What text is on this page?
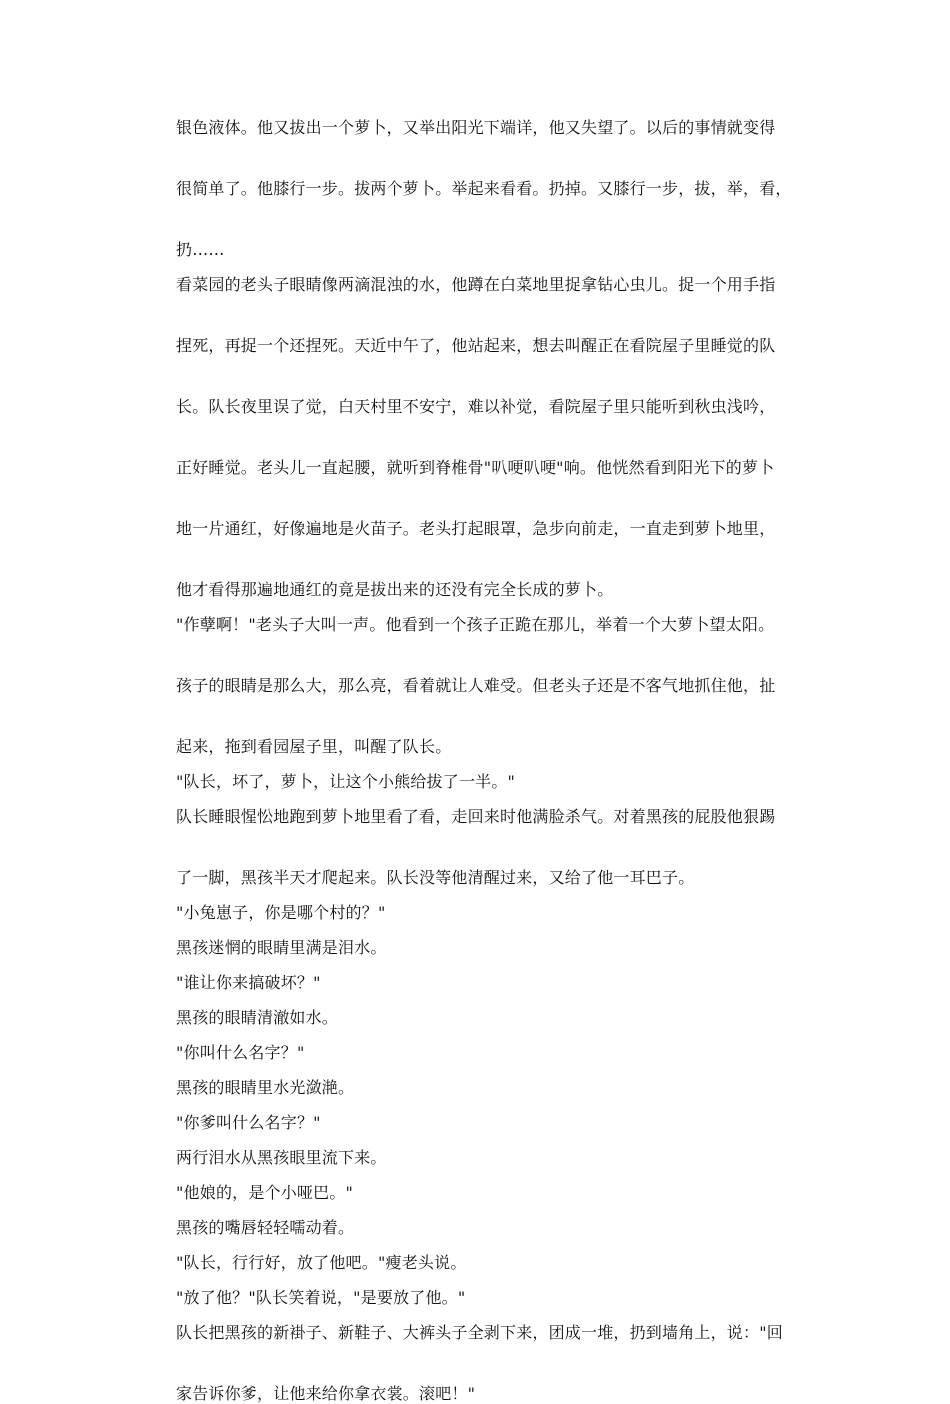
银色液体。他又拔出一个萝卜，又举出阳光下端详，他又失望了。以后的事情就变得
很简单了。他膝行一步。拔两个萝卜。举起来看看。扔掉。又膝行一步，拔，举，看，
扔……
看菜园的老头子眼睛像两滴混浊的水，他蹲在白菜地里捉拿钻心虫儿。捉一个用手指
捏死，再捉一个还捏死。天近中午了，他站起来，想去叫醒正在看院屋子里睡觉的队
长。队长夜里误了觉，白天村里不安宁，难以补觉，看院屋子里只能听到秋虫浅吟，
正好睡觉。老头儿一直起腰，就听到脊椎骨"叭哽叭哽"响。他恍然看到阳光下的萝卜
地一片通红，好像遍地是火苗子。老头打起眼罩，急步向前走，一直走到萝卜地里，
他才看得那遍地通红的竟是拔出来的还没有完全长成的萝卜。
"作孽啊！"老头子大叫一声。他看到一个孩子正跪在那儿，举着一个大萝卜望太阳。
孩子的眼睛是那么大，那么亮，看着就让人难受。但老头子还是不客气地抓住他，扯
起来，拖到看园屋子里，叫醒了队长。
"队长，坏了，萝卜，让这个小熊给拔了一半。"
队长睡眼惺忪地跑到萝卜地里看了看，走回来时他满脸杀气。对着黑孩的屁股他狠踢
了一脚，黑孩半天才爬起来。队长没等他清醒过来，又给了他一耳巴子。
"小兔崽子，你是哪个村的？"
黑孩迷惘的眼睛里满是泪水。
"谁让你来搞破坏？"
黑孩的眼睛清澈如水。
"你叫什么名字？"
黑孩的眼睛里水光潋滟。
"你爹叫什么名字？"
两行泪水从黑孩眼里流下来。
"他娘的，是个小哑巴。"
黑孩的嘴唇轻轻嚅动着。
"队长，行行好，放了他吧。"瘦老头说。
"放了他？"队长笑着说，"是要放了他。"
队长把黑孩的新褂子、新鞋子、大裤头子全剥下来，团成一堆，扔到墙角上，说："回
家告诉你爹，让他来给你拿衣裳。滚吧！"
